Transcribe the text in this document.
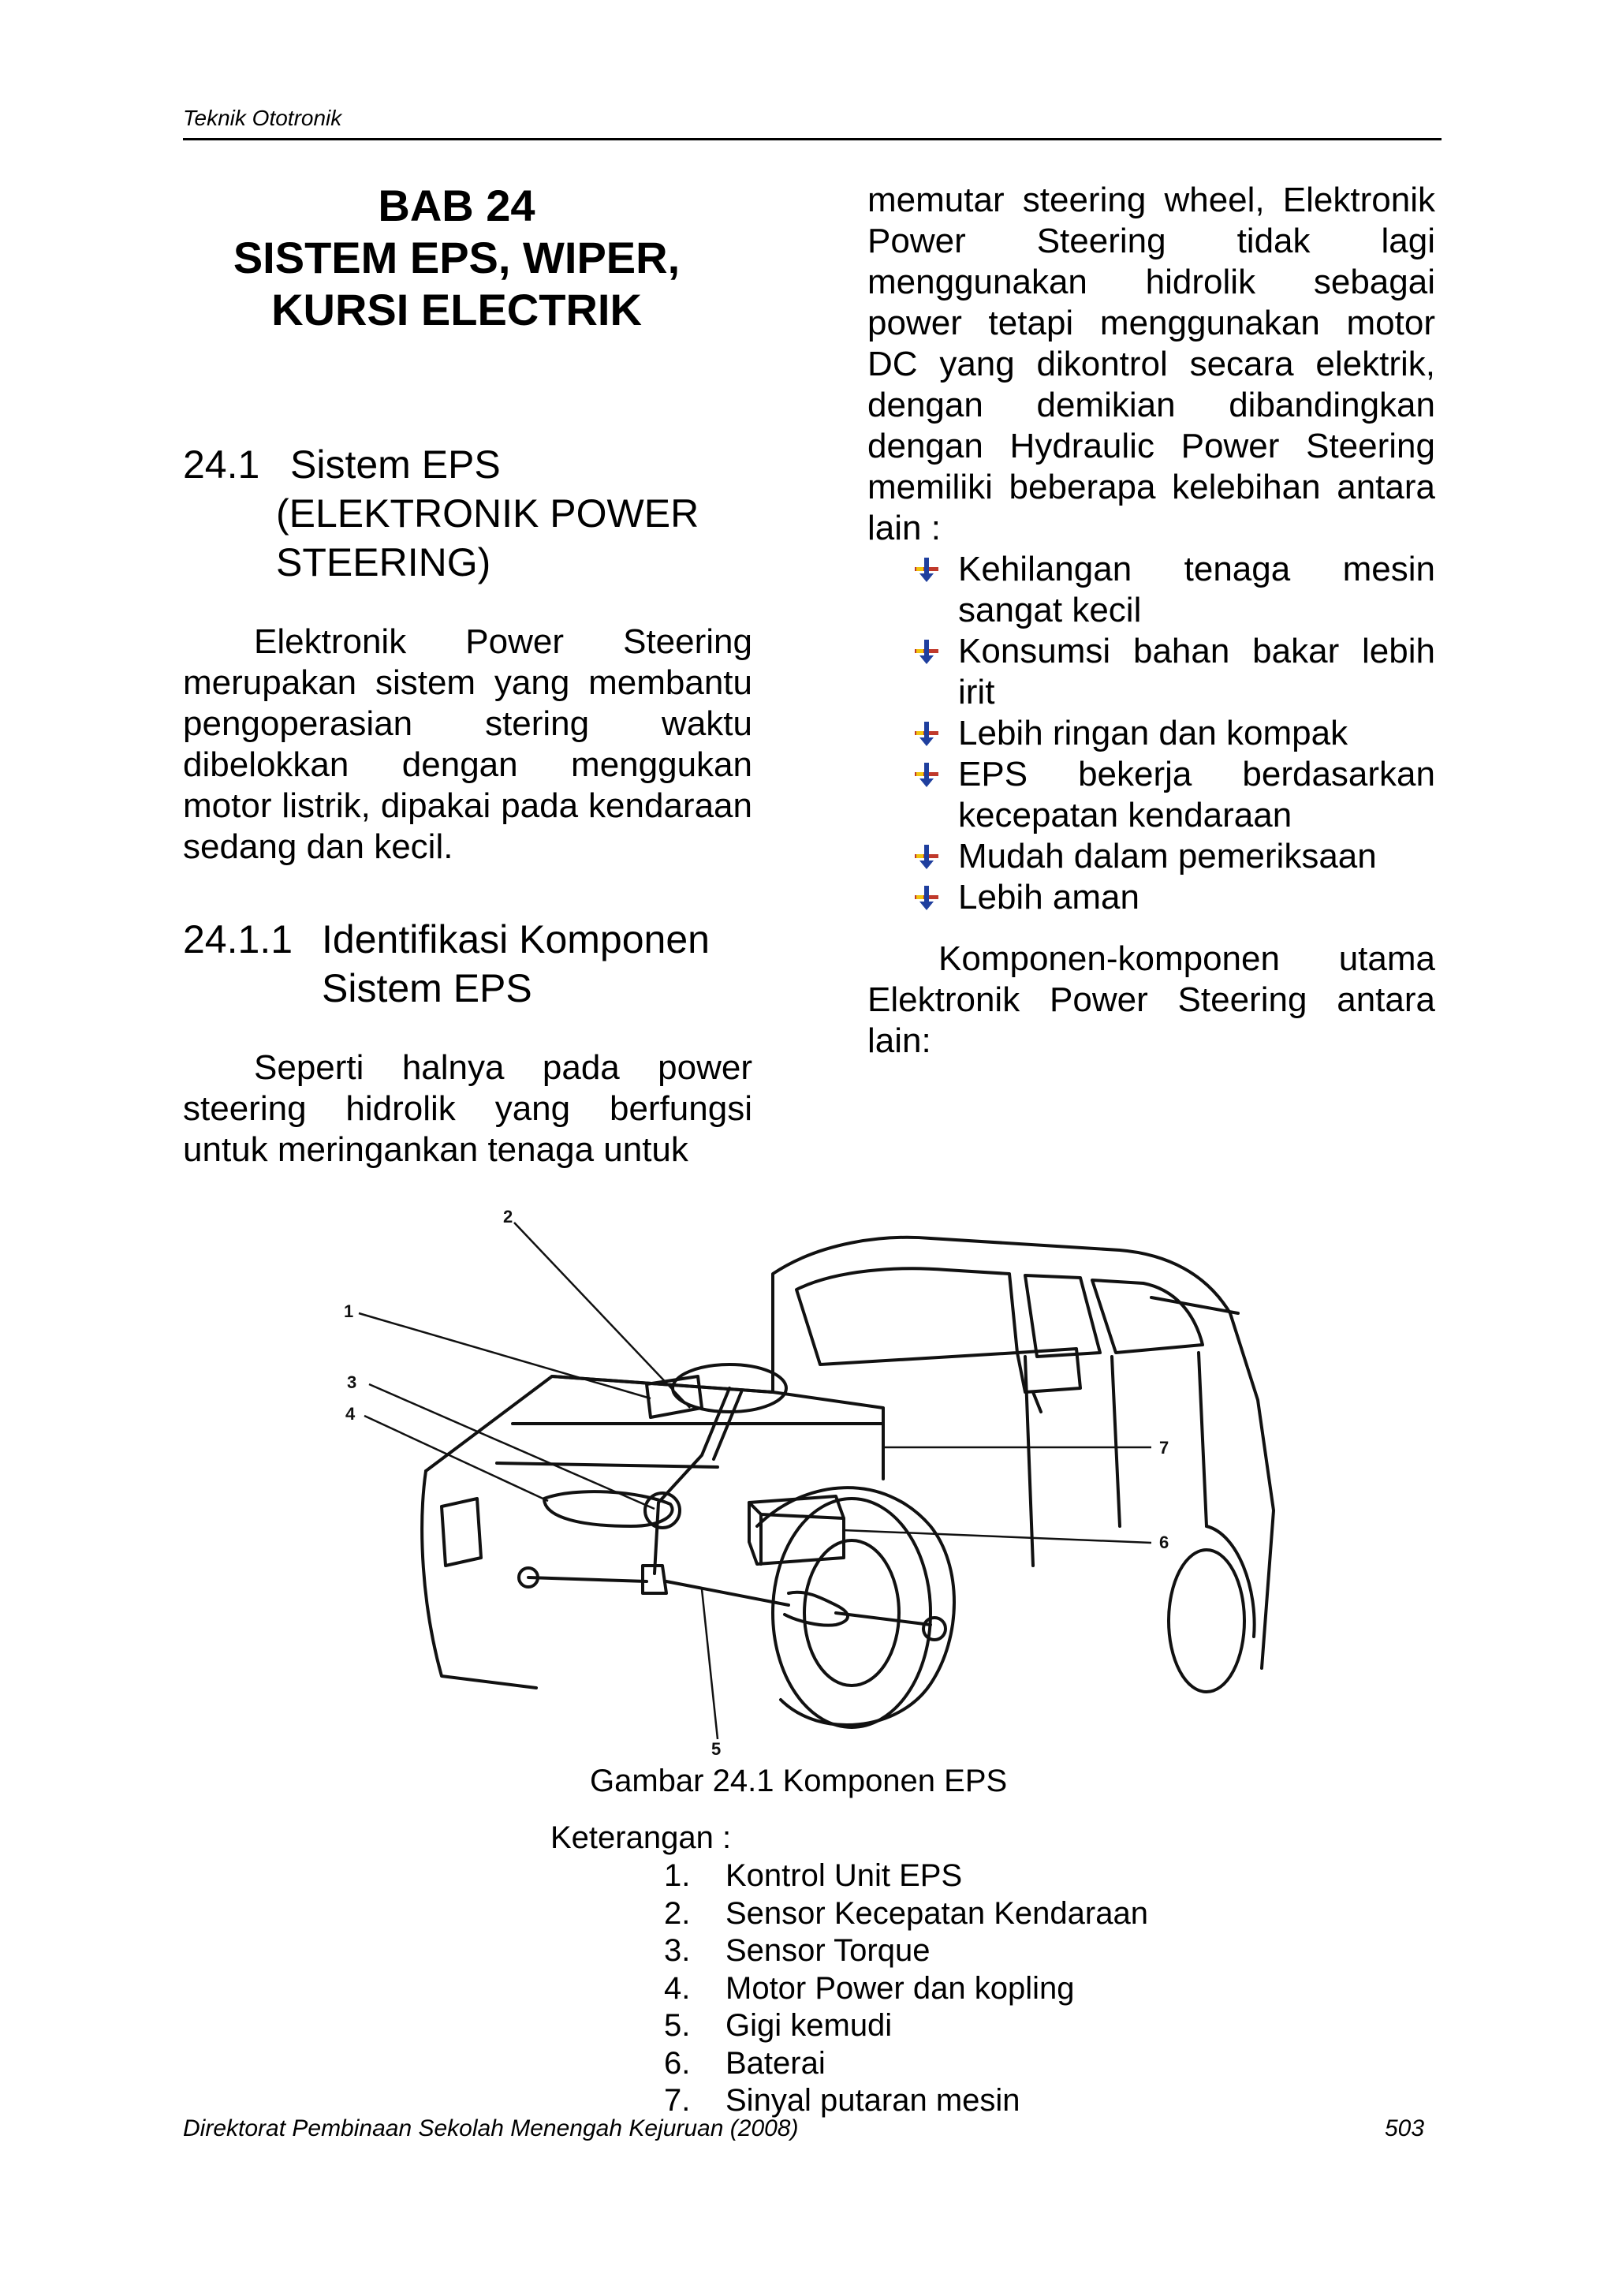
Teknik Ototronik

BAB 24

SISTEM EPS, WIPER,

KURSI ELECTRIK

24.1 Sistem EPS
(ELEKTRONIK POWER
STEERING)

Elektronik Power Steering merupakan sistem yang membantu pengoperasian stering waktu dibelokkan dengan menggukan motor listrik, dipakai pada kendaraan sedang dan kecil.

24.1.1 Identifikasi Komponen
Sistem EPS

Seperti halnya pada power steering hidrolik yang berfungsi untuk meringankan tenaga untuk

memutar steering wheel, Elektronik Power Steering tidak lagi menggunakan hidrolik sebagai power tetapi menggunakan motor DC yang dikontrol secara elektrik, dengan demikian dibandingkan dengan Hydraulic Power Steering memiliki beberapa kelebihan antara lain :

Kehilangan tenaga mesin sangat kecil
Konsumsi bahan bakar lebih irit
Lebih ringan dan kompak
EPS bekerja berdasarkan kecepatan kendaraan
Mudah dalam pemeriksaan
Lebih aman

Komponen-komponen utama Elektronik Power Steering antara lain:

1
2
3
4
5
6
7
Gambar 24.1 Komponen EPS
Keterangan :
1. Kontrol Unit EPS
2. Sensor Kecepatan Kendaraan
3. Sensor Torque
4. Motor Power dan kopling
5. Gigi kemudi
6. Baterai
7. Sinyal putaran mesin
Direktorat Pembinaan Sekolah Menengah Kejuruan (2008)	503
